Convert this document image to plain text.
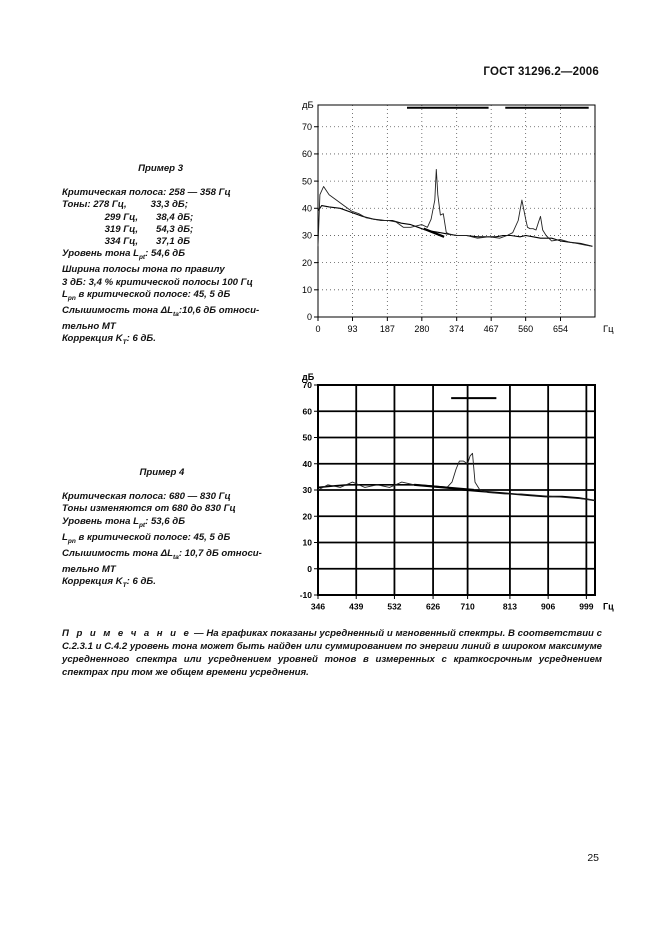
ГОСТ 31296.2—2006
Пример 3
Критическая полоса: 258 — 358 Гц
Тоны: 278 Гц,	33,3 дБ;
299 Гц, 38,4 дБ;
319 Гц, 54,3 дБ;
334 Гц, 37,1 дБ
Уровень тона $L_{pt}$: 54,6 дБ
Ширина полосы тона по правилу
3 дБ: 3,4 % критической полосы 100 Гц
$L_{pn}$ в критической полосе: 45, 5 дБ
Слышимость тона $\Delta L_{ta}:10,6$ дБ относи-
тельно МТ
Коррекция $K_T$: 6 дБ.
Пример 4
Критическая полоса: 680 — 830 Гц
Тоны изменяются от 680 до 830 Гц
Уровень тона $L_{pt}$: 53,6 дБ
$L_{pn}$ в критической полосе: 45, 5 дБ
Слышимость тона $\Delta L_{ta}$: 10,7 дБ относи-
тельно МТ
Коррекция $K_T$: 6 дБ.
0
10
20
30
40
50
60
70
0	93 187 280 374 467 560 654
дБ
Гц
-10
0
10
20
30
40
50
60
70
346	439	532	626 710	813	906	999
дБ
Гц
П р и м е ч а н и е — На графиках показаны усредненный и мгновенный спектры. В соответствии с С.2.3.1 и С.4.2 уровень тона может быть найден или суммированием по энергии линий в широком максимуме усредненного спектра или усреднением уровней тонов в измеренных с краткосрочным усреднением спектрах при том же общем времени усреднения.
25
